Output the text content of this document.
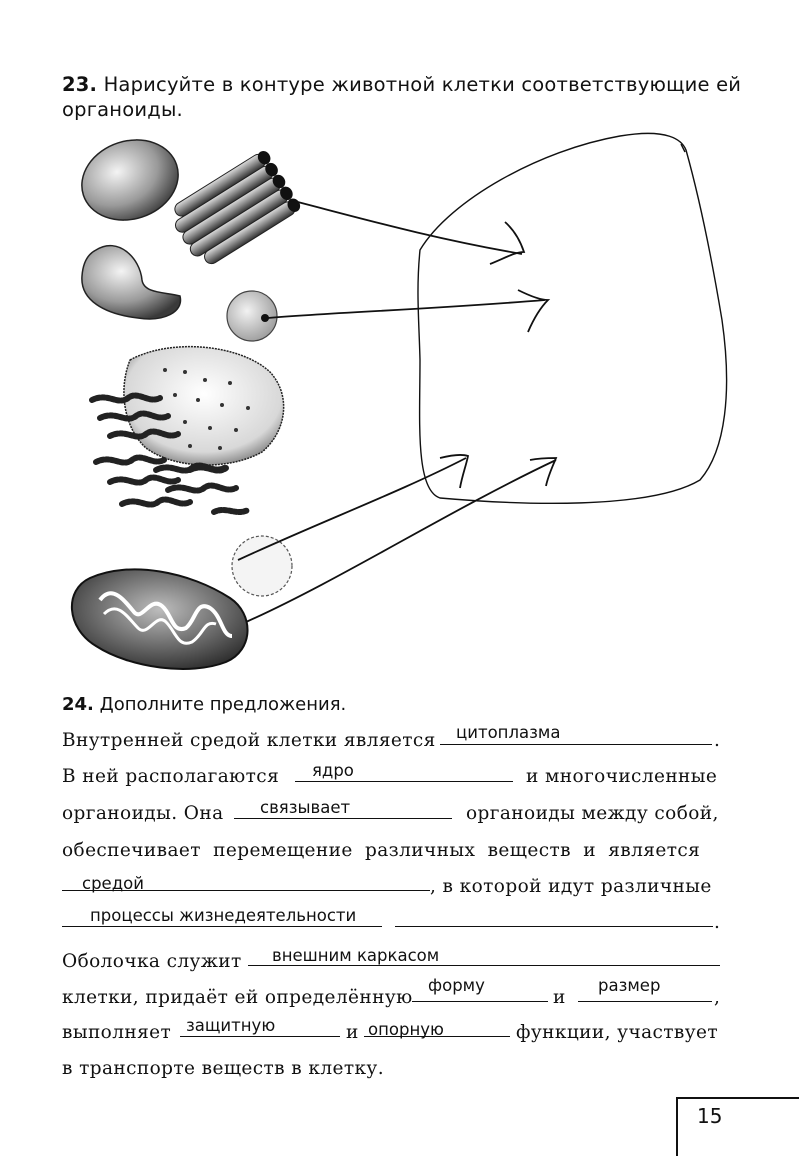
23. Нарисуйте в контуре животной клетки соответствующие ей органоиды.
24. Дополните предложения.
Внутренней средой клетки является	цитоплазма	.
В ней располагаются	ядро	и многочисленные
органоиды. Она	связывает	органоиды между собой,
обеспечивает перемещение различных веществ и является
средой	, в которой идут различные
процессы жизнедеятельности	.
Оболочка служит	внешним каркасом
клетки, придаёт ей определённую
форму
и
размер
,
выполняет защитную	и опорную	функции, участвует
в транспорте веществ в клетку.
15
